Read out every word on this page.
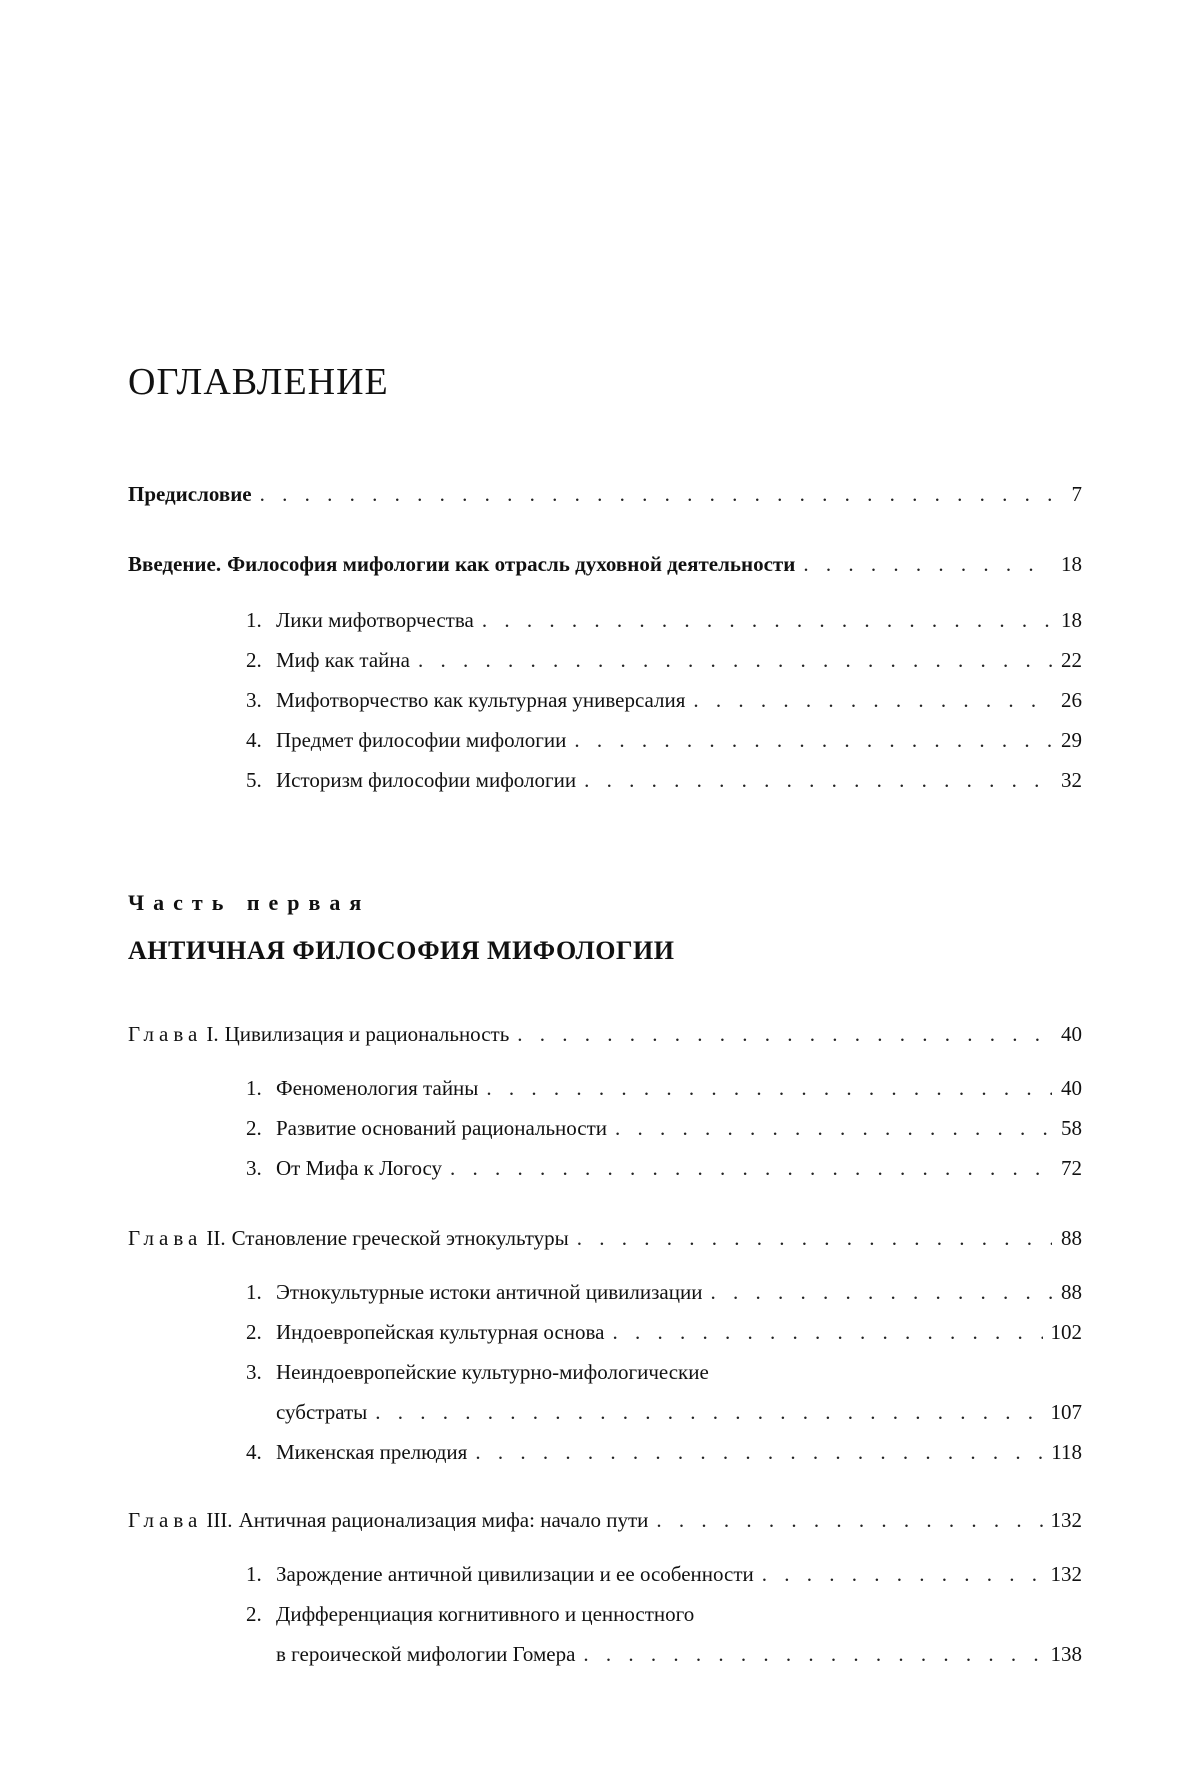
ОГЛАВЛЕНИЕ
Предисловие . . .	7
Введение. Философия мифологии как отрасль духовной деятельности . . .	18
1. Лики мифотворчества . . .	18
2. Миф как тайна . . .	22
3. Мифотворчество как культурная универсалия . . .	26
4. Предмет философии мифологии . . .	29
5. Историзм философии мифологии . . .	32
Часть первая
АНТИЧНАЯ ФИЛОСОФИЯ МИФОЛОГИИ
Глава I. Цивилизация и рациональность . . .	40
1. Феноменология тайны . . .	40
2. Развитие оснований рациональности . . .	58
3. От Мифа к Логосу . . .	72
Глава II. Становление греческой этнокультуры . . .	88
1. Этнокультурные истоки античной цивилизации . . .	88
2. Индоевропейская культурная основа . . .	102
3. Неиндоевропейские культурно-мифологические
субстраты . . .	107
4. Микенская прелюдия . . .	118
Глава III. Античная рационализация мифа: начало пути . . .	132
1. Зарождение античной цивилизации и ее особенности . . .	132
2. Дифференциация когнитивного и ценностного
в героической мифологии Гомера . . .	138
